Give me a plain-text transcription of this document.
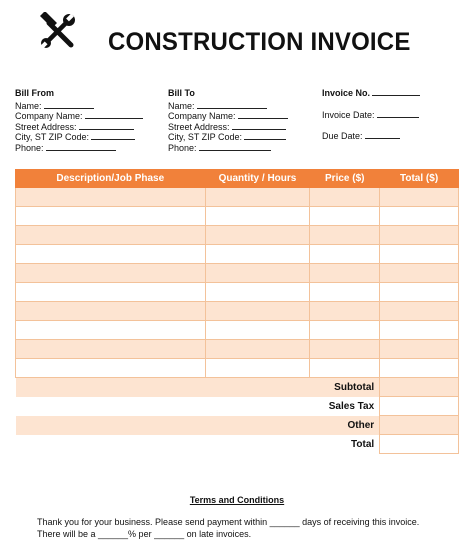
CONSTRUCTION INVOICE
Bill From
Name:
Company Name:
Street Address:
City, ST ZIP Code:
Phone:
Bill To
Name:
Company Name:
Street Address:
City, ST ZIP Code:
Phone:
Invoice No.
Invoice Date:
Due Date:
Description/Job Phase	Quantity / Hours	Price ($)	Total ($)

Subtotal			
Sales Tax			
Other			
Total			
Terms and Conditions
Thank you for your business. Please send payment within ______ days of receiving this invoice.
There will be a ______% per ______ on late invoices.
